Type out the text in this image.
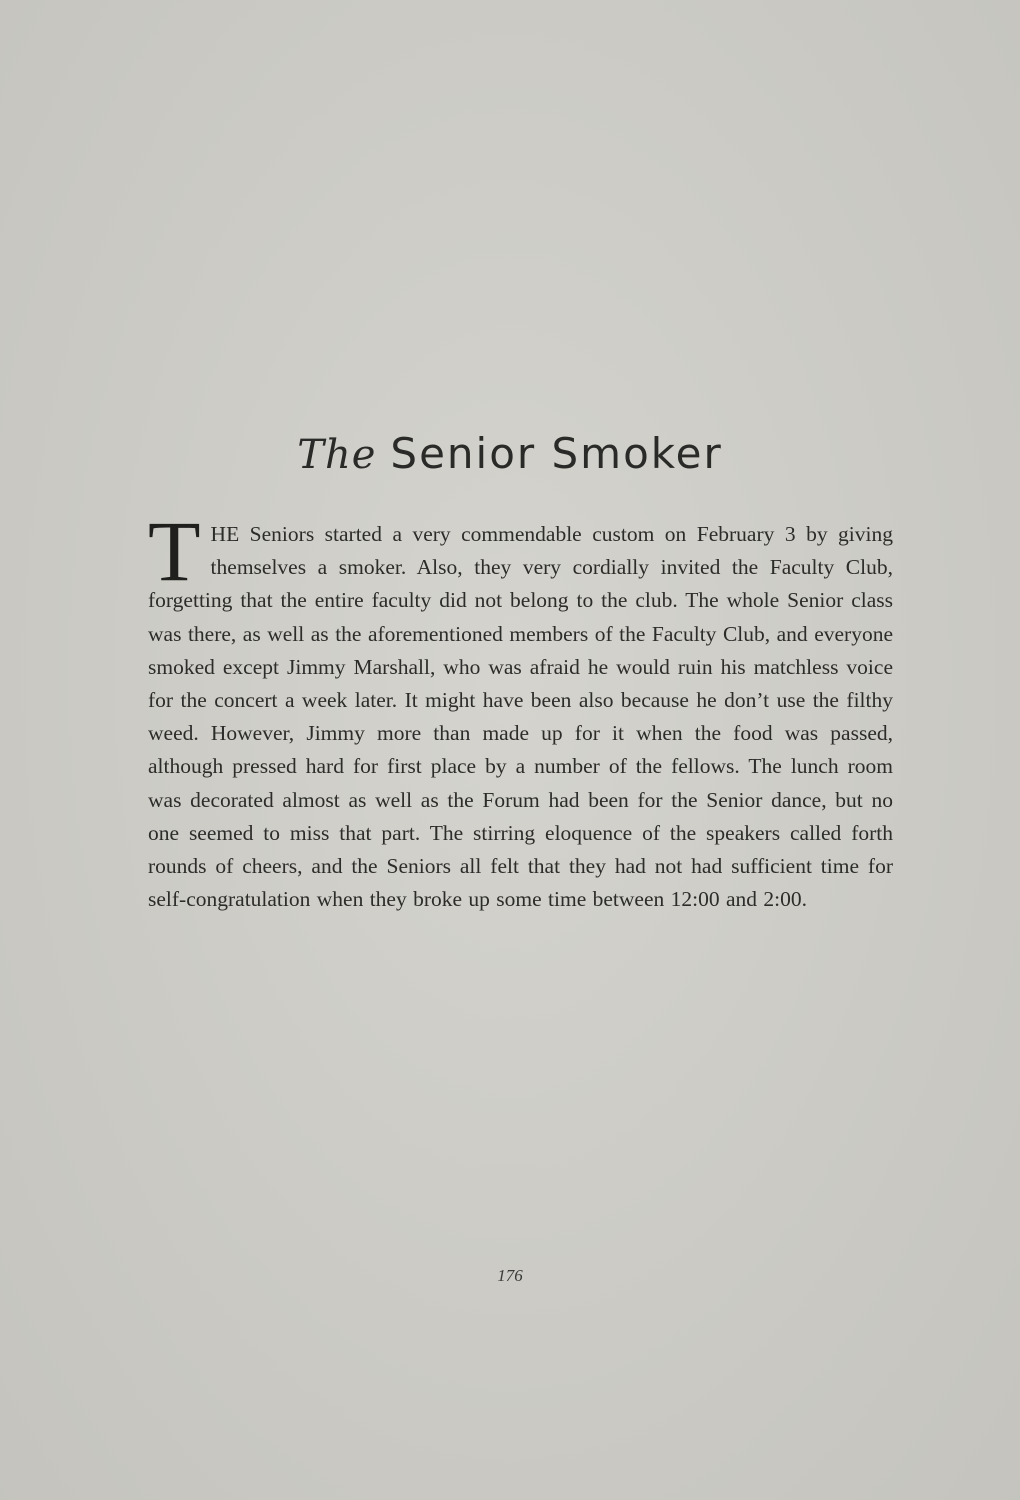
The Senior Smoker

THE Seniors started a very commendable custom on February 3 by giving themselves a smoker. Also, they very cordially invited the Faculty Club, forgetting that the entire faculty did not belong to the club. The whole Senior class was there, as well as the aforementioned members of the Faculty Club, and everyone smoked except Jimmy Marshall, who was afraid he would ruin his matchless voice for the concert a week later. It might have been also because he don’t use the filthy weed. However, Jimmy more than made up for it when the food was passed, although pressed hard for first place by a number of the fellows. The lunch room was decorated almost as well as the Forum had been for the Senior dance, but no one seemed to miss that part. The stirring eloquence of the speakers called forth rounds of cheers, and the Seniors all felt that they had not had sufficient time for self-congratulation when they broke up some time between 12:00 and 2:00.

176
